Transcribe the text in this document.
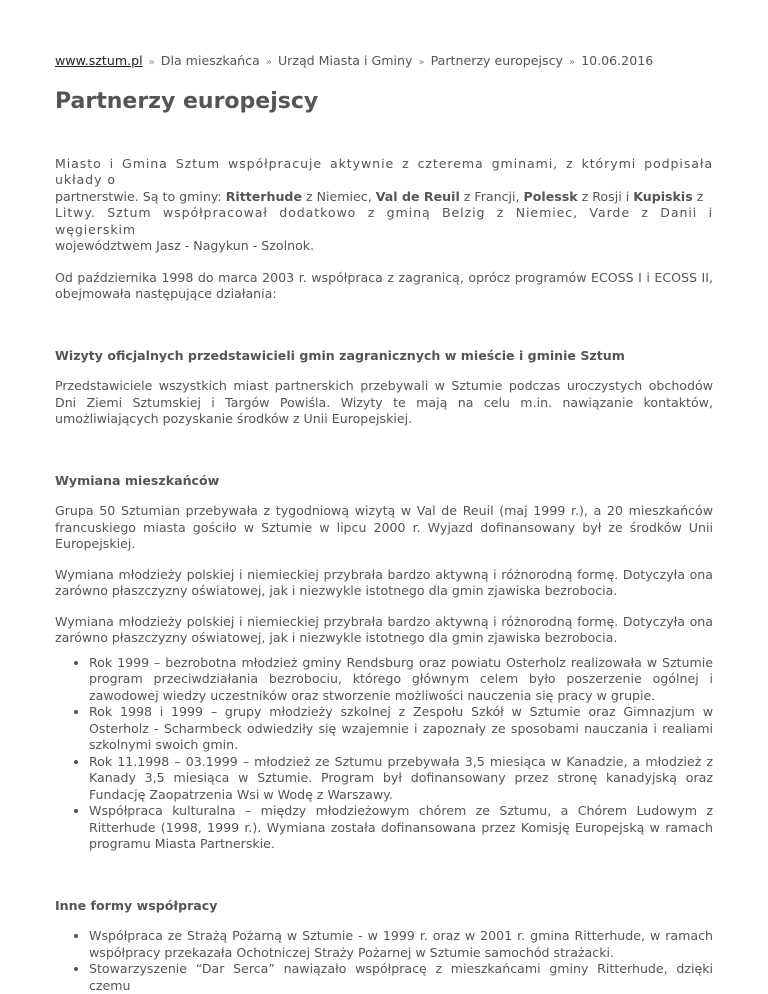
www.sztum.pl » Dla mieszkańca » Urząd Miasta i Gminy » Partnerzy europejscy » 10.06.2016
Partnerzy europejscy

Miasto i Gmina Sztum współpracuje aktywnie z czterema gminami, z którymi podpisała układy o
partnerstwie. Są to gminy: Ritterhude z Niemiec, Val de Reuil z Francji, Polessk z Rosji i Kupiskis z
Litwy. Sztum współpracował dodatkowo z gminą Belzig z Niemiec, Varde z Danii i węgierskim
województwem Jasz - Nagykun - Szolnok.

Od października 1998 do marca 2003 r. współpraca z zagranicą, oprócz programów ECOSS I i ECOSS II, obejmowała następujące działania:

Wizyty oficjalnych przedstawicieli gmin zagranicznych w mieście i gminie Sztum

Przedstawiciele wszystkich miast partnerskich przebywali w Sztumie podczas uroczystych obchodów Dni Ziemi Sztumskiej i Targów Powiśla. Wizyty te mają na celu m.in. nawiązanie kontaktów, umożliwiających pozyskanie środków z Unii Europejskiej.

Wymiana mieszkańców

Grupa 50 Sztumian przebywała z tygodniową wizytą w Val de Reuil (maj 1999 r.), a 20 mieszkańców francuskiego miasta gościło w Sztumie w lipcu 2000 r. Wyjazd dofinansowany był ze środków Unii Europejskiej.

Wymiana młodzieży polskiej i niemieckiej przybrała bardzo aktywną i różnorodną formę. Dotyczyła ona zarówno płaszczyzny oświatowej, jak i niezwykle istotnego dla gmin zjawiska bezrobocia.

Wymiana młodzieży polskiej i niemieckiej przybrała bardzo aktywną i różnorodną formę. Dotyczyła ona zarówno płaszczyzny oświatowej, jak i niezwykle istotnego dla gmin zjawiska bezrobocia.

• Rok 1999 – bezrobotna młodzież gminy Rendsburg oraz powiatu Osterholz realizowała w Sztumie program przeciwdziałania bezrobociu, którego głównym celem było poszerzenie ogólnej i zawodowej wiedzy uczestników oraz stworzenie możliwości nauczenia się pracy w grupie.
• Rok 1998 i 1999 – grupy młodzieży szkolnej z Zespołu Szkół w Sztumie oraz Gimnazjum w Osterholz - Scharmbeck odwiedziły się wzajemnie i zapoznały ze sposobami nauczania i realiami szkolnymi swoich gmin.
• Rok 11.1998 – 03.1999 – młodzież ze Sztumu przebywała 3,5 miesiąca w Kanadzie, a młodzież z Kanady 3,5 miesiąca w Sztumie. Program był dofinansowany przez stronę kanadyjską oraz Fundację Zaopatrzenia Wsi w Wodę z Warszawy.
• Współpraca kulturalna – między młodzieżowym chórem ze Sztumu, a Chórem Ludowym z Ritterhude (1998, 1999 r.). Wymiana została dofinansowana przez Komisję Europejską w ramach programu Miasta Partnerskie.
Inne formy współpracy
• Współpraca ze Strażą Pożarną w Sztumie - w 1999 r. oraz w 2001 r. gmina Ritterhude, w ramach współpracy przekazała Ochotniczej Straży Pożarnej w Sztumie samochód strażacki.
• Stowarzyszenie “Dar Serca” nawiązało współpracę z mieszkańcami gminy Ritterhude, dzięki czemu
